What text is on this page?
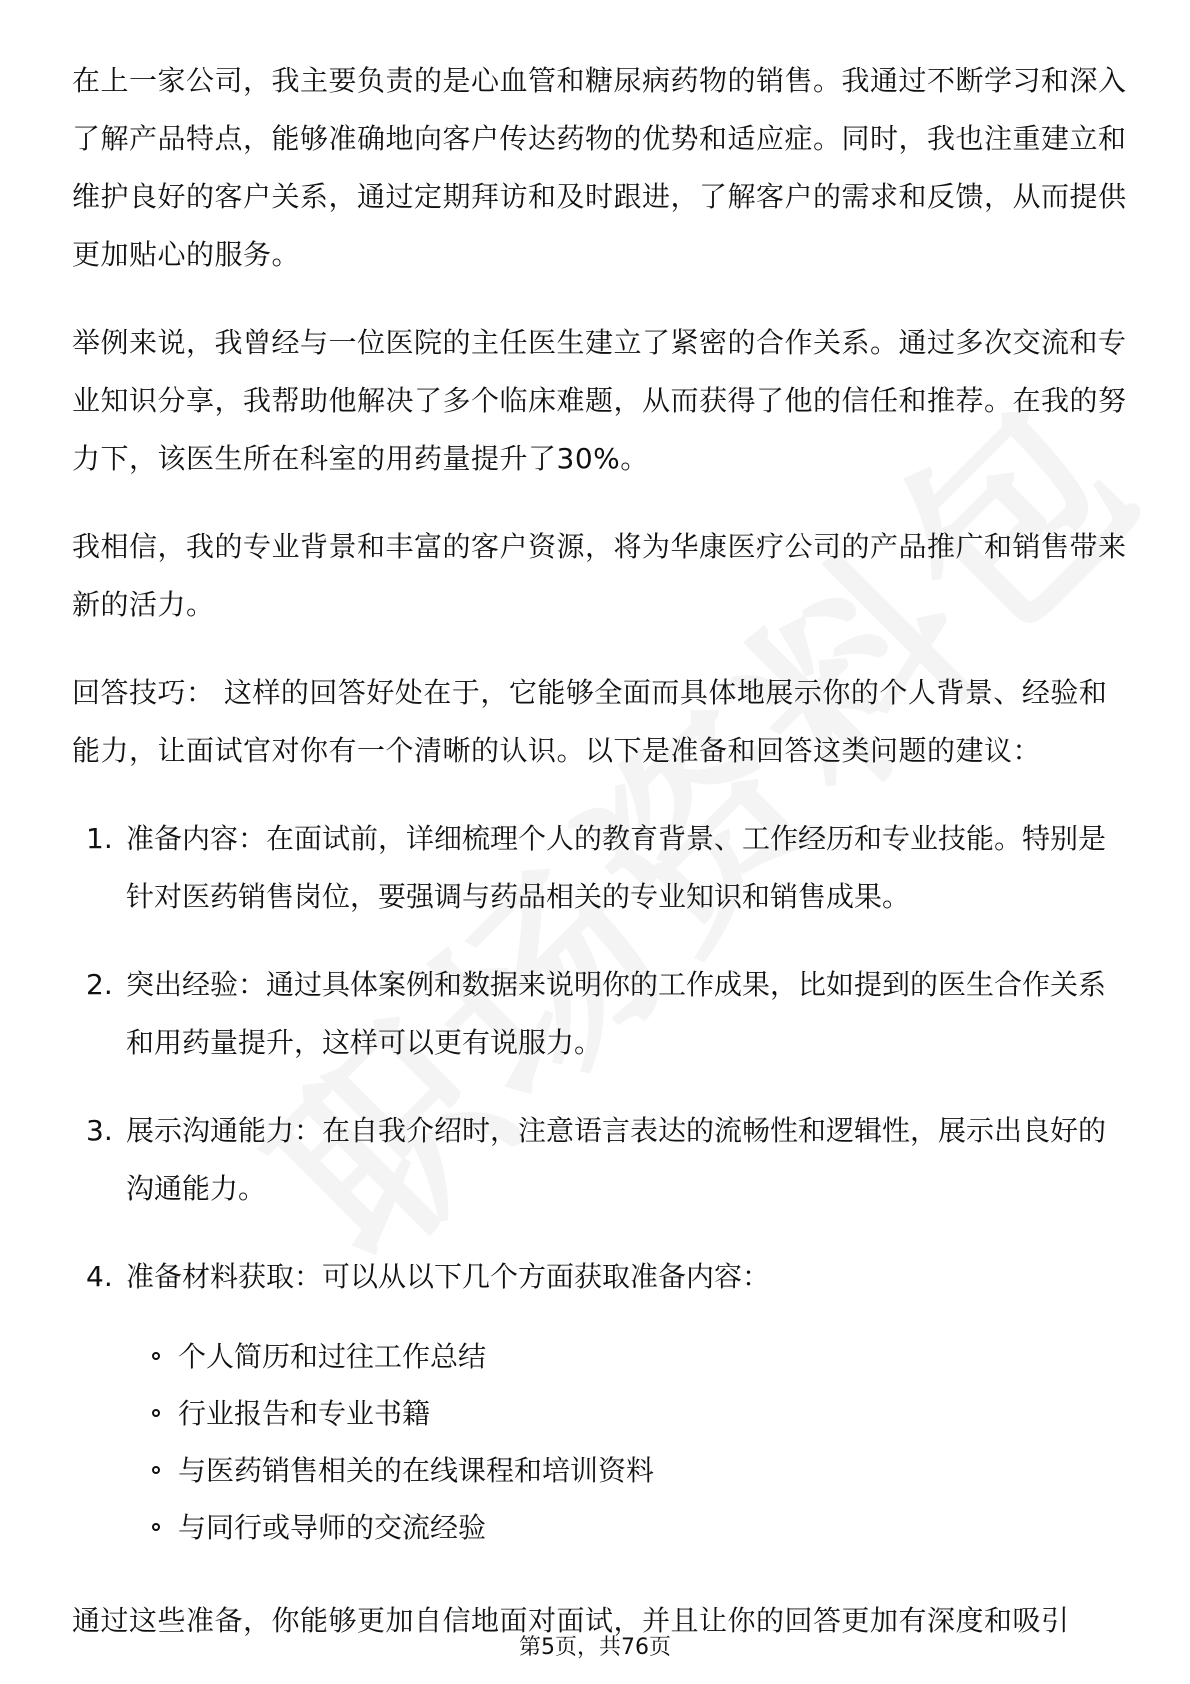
在上一家公司，我主要负责的是心血管和糖尿病药物的销售。我通过不断学习和深入了解产品特点，能够准确地向客户传达药物的优势和适应症。同时，我也注重建立和维护良好的客户关系，通过定期拜访和及时跟进，了解客户的需求和反馈，从而提供更加贴心的服务。

举例来说，我曾经与一位医院的主任医生建立了紧密的合作关系。通过多次交流和专业知识分享，我帮助他解决了多个临床难题，从而获得了他的信任和推荐。在我的努力下，该医生所在科室的用药量提升了30%。

我相信，我的专业背景和丰富的客户资源，将为华康医疗公司的产品推广和销售带来新的活力。

回答技巧： 这样的回答好处在于，它能够全面而具体地展示你的个人背景、经验和能力，让面试官对你有一个清晰的认识。以下是准备和回答这类问题的建议：

1. 准备内容：在面试前，详细梳理个人的教育背景、工作经历和专业技能。特别是针对医药销售岗位，要强调与药品相关的专业知识和销售成果。
2. 突出经验：通过具体案例和数据来说明你的工作成果，比如提到的医生合作关系和用药量提升，这样可以更有说服力。
3. 展示沟通能力：在自我介绍时，注意语言表达的流畅性和逻辑性，展示出良好的沟通能力。
4. 准备材料获取：可以从以下几个方面获取准备内容：
个人简历和过往工作总结
行业报告和专业书籍
与医药销售相关的在线课程和培训资料
与同行或导师的交流经验

通过这些准备，你能够更加自信地面对面试，并且让你的回答更加有深度和吸引

第5页，共76页
